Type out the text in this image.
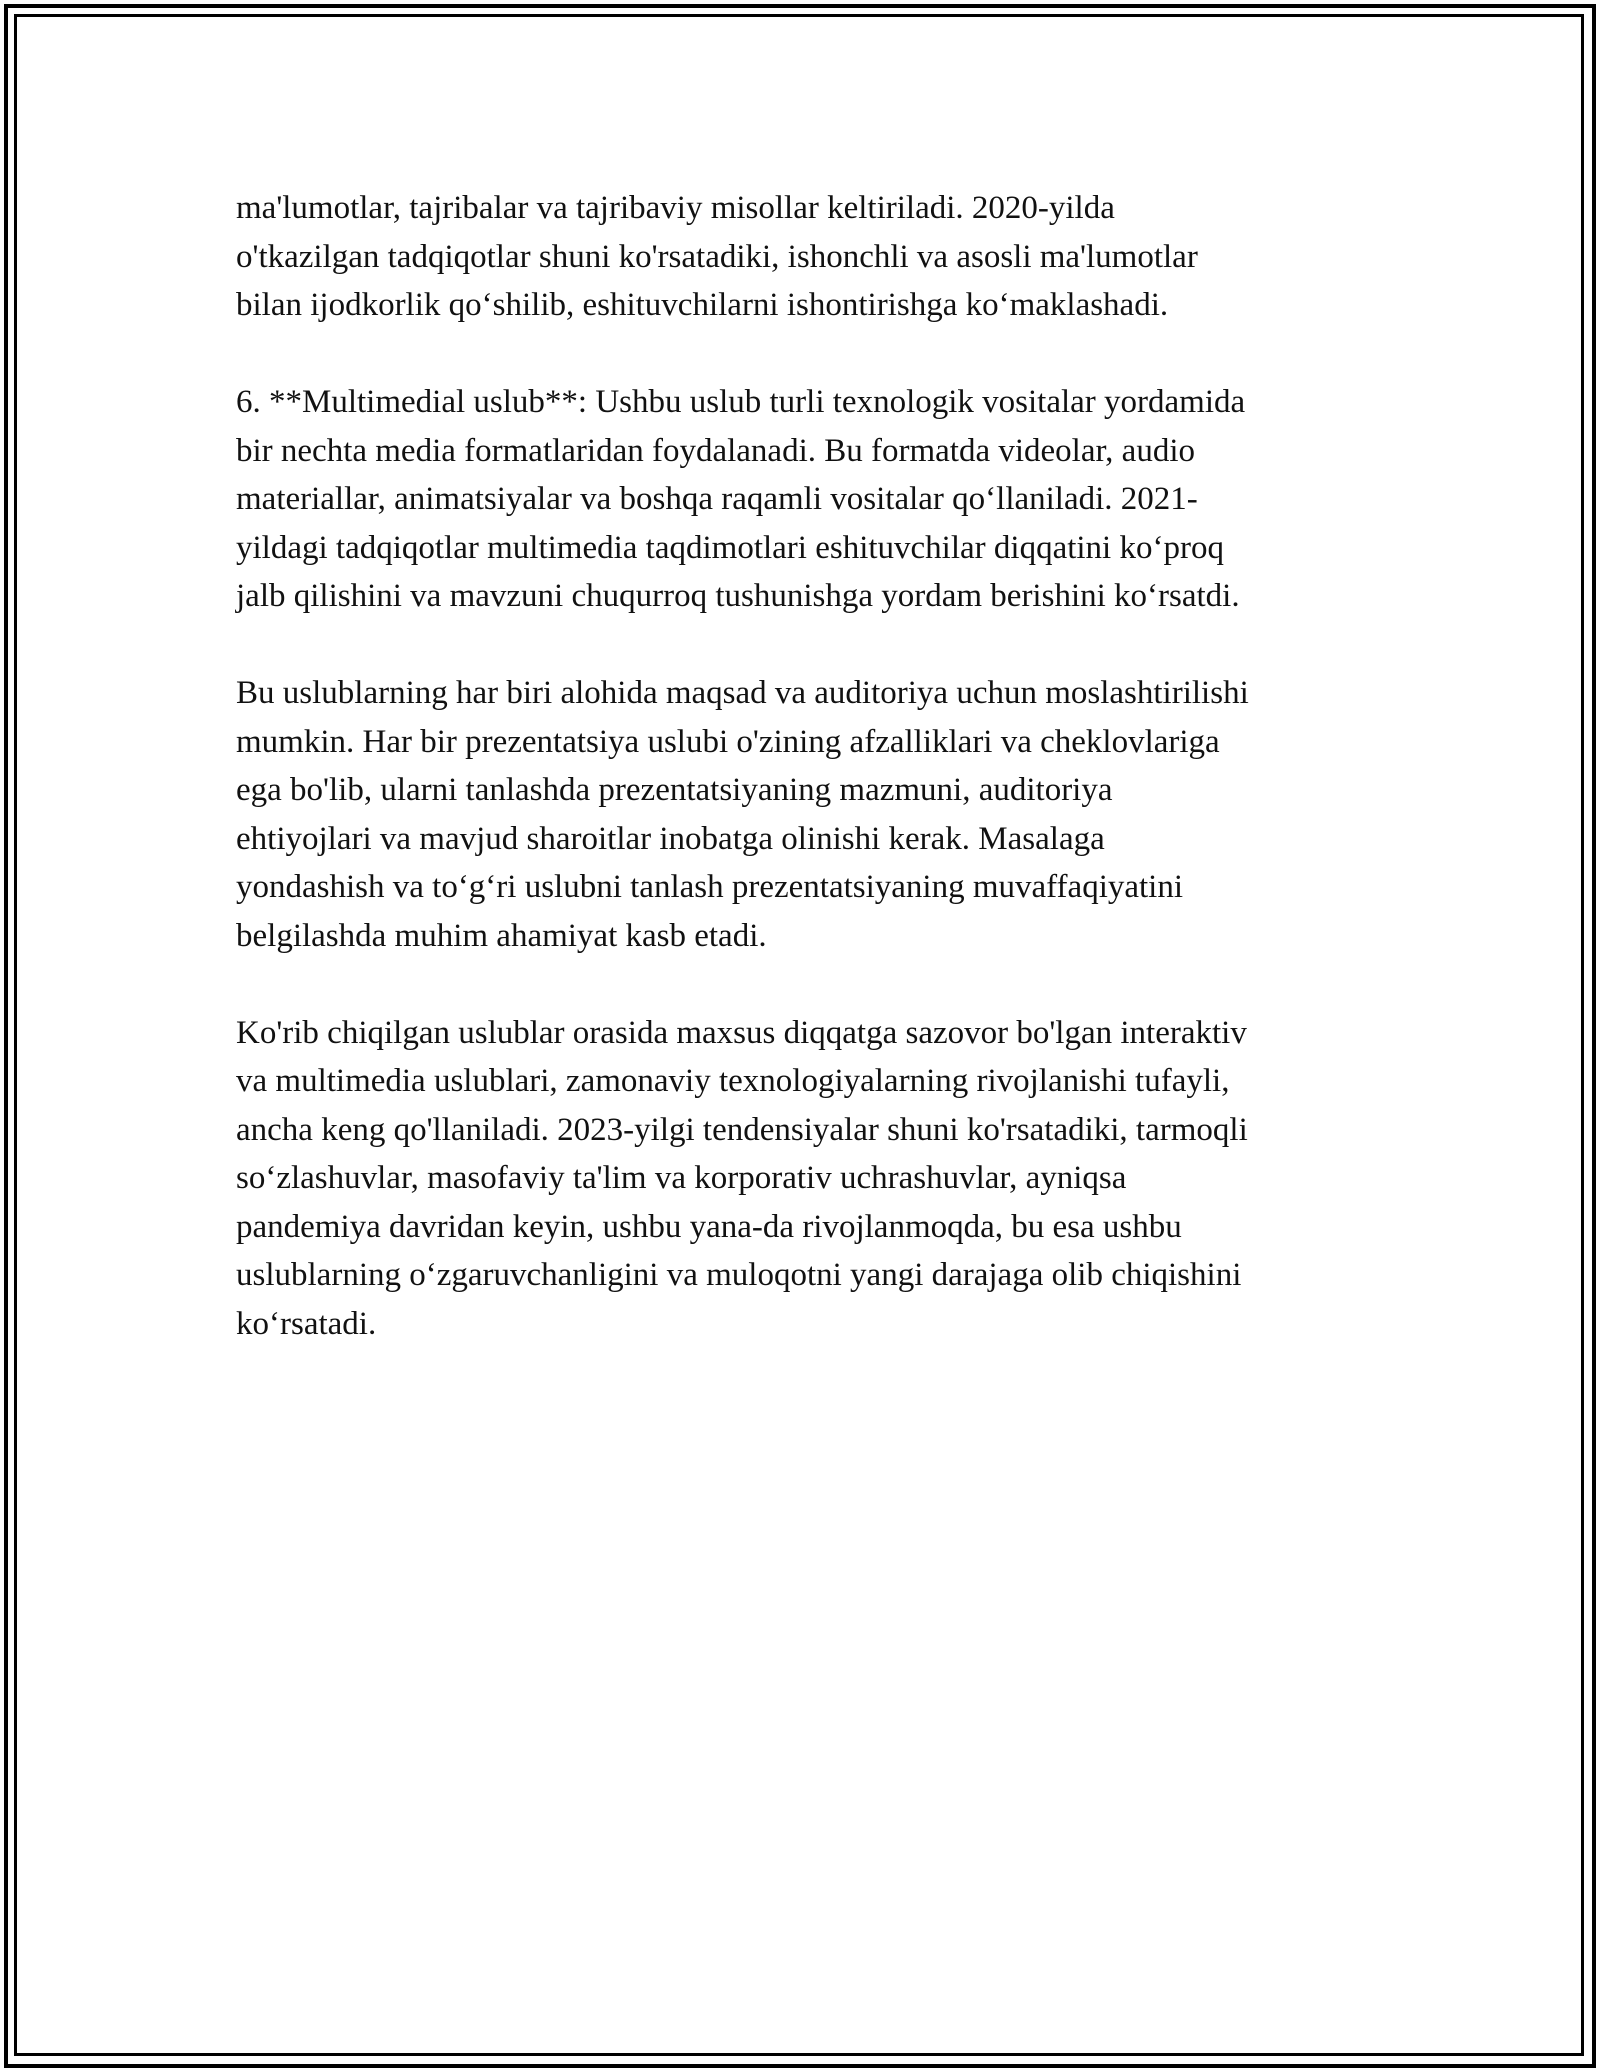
ma'lumotlar, tajribalar va tajribaviy misollar keltiriladi. 2020-yilda
o'tkazilgan tadqiqotlar shuni ko'rsatadiki, ishonchli va asosli ma'lumotlar
bilan ijodkorlik qo‘shilib, eshituvchilarni ishontirishga ko‘maklashadi.

6. **Multimedial uslub**: Ushbu uslub turli texnologik vositalar yordamida
bir nechta media formatlaridan foydalanadi. Bu formatda videolar, audio
materiallar, animatsiyalar va boshqa raqamli vositalar qo‘llaniladi. 2021-
yildagi tadqiqotlar multimedia taqdimotlari eshituvchilar diqqatini ko‘proq
jalb qilishini va mavzuni chuqurroq tushunishga yordam berishini ko‘rsatdi.

Bu uslublarning har biri alohida maqsad va auditoriya uchun moslashtirilishi
mumkin. Har bir prezentatsiya uslubi o'zining afzalliklari va cheklovlariga
ega bo'lib, ularni tanlashda prezentatsiyaning mazmuni, auditoriya
ehtiyojlari va mavjud sharoitlar inobatga olinishi kerak. Masalaga
yondashish va to‘g‘ri uslubni tanlash prezentatsiyaning muvaffaqiyatini
belgilashda muhim ahamiyat kasb etadi.

Ko'rib chiqilgan uslublar orasida maxsus diqqatga sazovor bo'lgan interaktiv
va multimedia uslublari, zamonaviy texnologiyalarning rivojlanishi tufayli,
ancha keng qo'llaniladi. 2023-yilgi tendensiyalar shuni ko'rsatadiki, tarmoqli
so‘zlashuvlar, masofaviy ta'lim va korporativ uchrashuvlar, ayniqsa
pandemiya davridan keyin, ushbu yana-da rivojlanmoqda, bu esa ushbu
uslublarning o‘zgaruvchanligini va muloqotni yangi darajaga olib chiqishini
ko‘rsatadi.
